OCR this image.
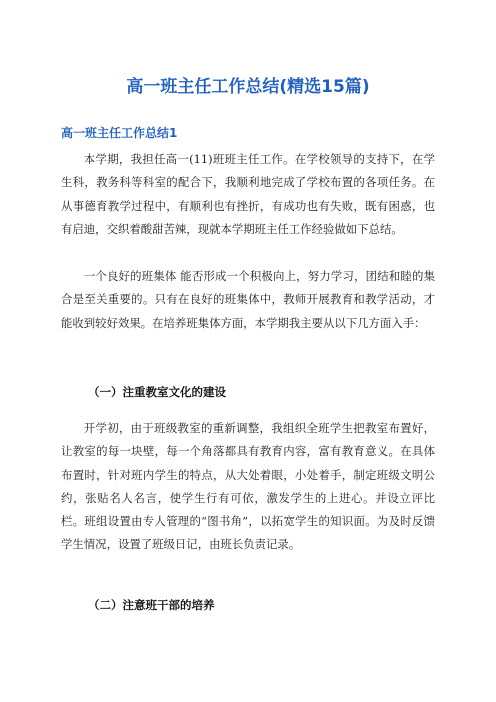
高一班主任工作总结(精选15篇)
高一班主任工作总结1

本学期，我担任高一(11)班班主任工作。在学校领导的支持下，在学生科，教务科等科室的配合下，我顺利地完成了学校布置的各项任务。在从事德育教学过程中，有顺利也有挫折，有成功也有失败，既有困惑，也有启迪，交织着酸甜苦辣，现就本学期班主任工作经验做如下总结。

一个良好的班集体 能否形成一个积极向上，努力学习，团结和睦的集合是至关重要的。只有在良好的班集体中，教师开展教育和教学活动，才能收到较好效果。在培养班集体方面，本学期我主要从以下几方面入手：

（一）注重教室文化的建设

开学初，由于班级教室的重新调整，我组织全班学生把教室布置好，让教室的每一块壁，每一个角落都具有教育内容，富有教育意义。在具体布置时，针对班内学生的特点，从大处着眼，小处着手，制定班级文明公约，张贴名人名言，使学生行有可依，激发学生的上进心。并设立评比栏。班组设置由专人管理的“图书角”，以拓宽学生的知识面。为及时反馈学生情况，设置了班级日记，由班长负责记录。

（二）注意班干部的培养
